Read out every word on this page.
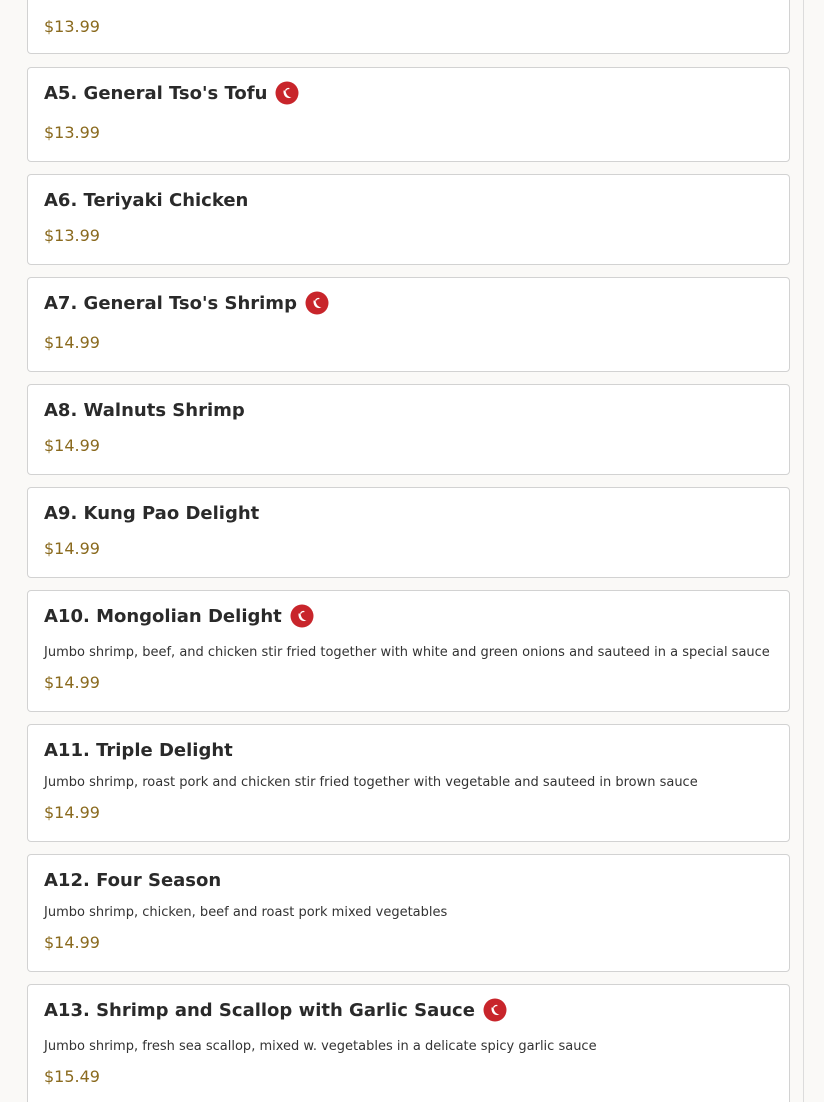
$13.99
A5. General Tso's Tofu
$13.99
A6. Teriyaki Chicken
$13.99
A7. General Tso's Shrimp
$14.99
A8. Walnuts Shrimp
$14.99
A9. Kung Pao Delight
$14.99
A10. Mongolian Delight
Jumbo shrimp, beef, and chicken stir fried together with white and green onions and sauteed in a special sauce
$14.99
A11. Triple Delight
Jumbo shrimp, roast pork and chicken stir fried together with vegetable and sauteed in brown sauce
$14.99
A12. Four Season
Jumbo shrimp, chicken, beef and roast pork mixed vegetables
$14.99
A13. Shrimp and Scallop with Garlic Sauce
Jumbo shrimp, fresh sea scallop, mixed w. vegetables in a delicate spicy garlic sauce
$15.49
